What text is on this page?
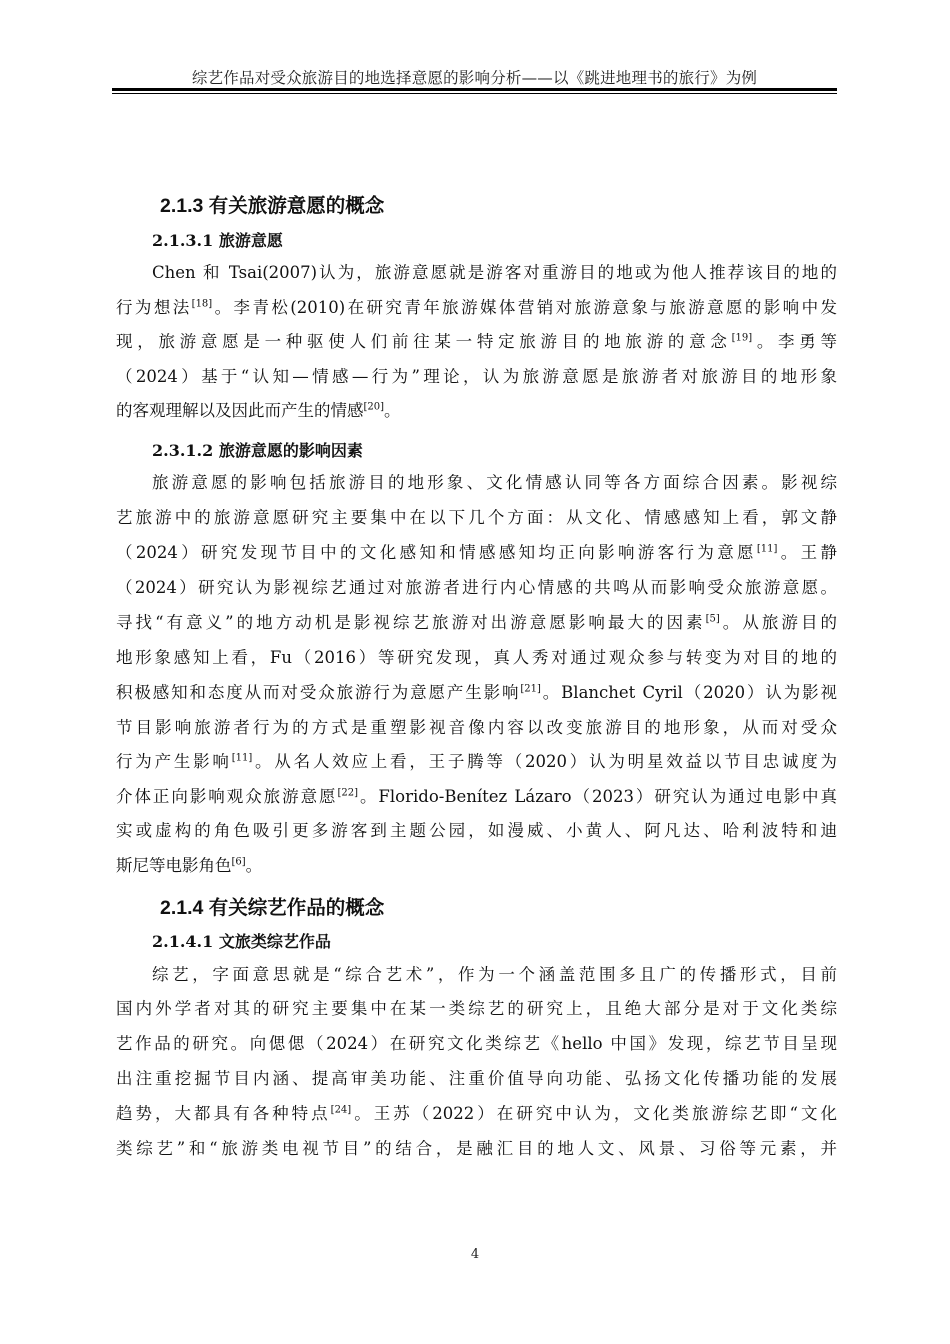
综艺作品对受众旅游目的地选择意愿的影响分析——以《跳进地理书的旅行》为例
2.1.3 有关旅游意愿的概念
2.1.3.1 旅游意愿
Chen 和 Tsai(2007)认为，旅游意愿就是游客对重游目的地或为他人推荐该目的地的
行为想法[18]。李青松(2010)在研究青年旅游媒体营销对旅游意象与旅游意愿的影响中发
现，旅游意愿是一种驱使人们前往某一特定旅游目的地旅游的意念[19]。李勇等
（2024）基于“认知—情感—行为”理论，认为旅游意愿是旅游者对旅游目的地形象
的客观理解以及因此而产生的情感[20]。
2.3.1.2 旅游意愿的影响因素
旅游意愿的影响包括旅游目的地形象、文化情感认同等各方面综合因素。影视综
艺旅游中的旅游意愿研究主要集中在以下几个方面：从文化、情感感知上看，郭文静
（2024）研究发现节目中的文化感知和情感感知均正向影响游客行为意愿[11]。王静
（2024）研究认为影视综艺通过对旅游者进行内心情感的共鸣从而影响受众旅游意愿。
寻找“有意义”的地方动机是影视综艺旅游对出游意愿影响最大的因素[5]。从旅游目的
地形象感知上看，Fu（2016）等研究发现，真人秀对通过观众参与转变为对目的地的
积极感知和态度从而对受众旅游行为意愿产生影响[21]。Blanchet Cyril（2020）认为影视
节目影响旅游者行为的方式是重塑影视音像内容以改变旅游目的地形象，从而对受众
行为产生影响[11]。从名人效应上看，王子腾等（2020）认为明星效益以节目忠诚度为
介体正向影响观众旅游意愿[22]。Florido-Benítez Lázaro（2023）研究认为通过电影中真
实或虚构的角色吸引更多游客到主题公园，如漫威、小黄人、阿凡达、哈利波特和迪
斯尼等电影角色[6]。
2.1.4 有关综艺作品的概念
2.1.4.1 文旅类综艺作品
综艺，字面意思就是“综合艺术”，作为一个涵盖范围多且广的传播形式，目前
国内外学者对其的研究主要集中在某一类综艺的研究上，且绝大部分是对于文化类综
艺作品的研究。向偲偲（2024）在研究文化类综艺《hello 中国》发现，综艺节目呈现
出注重挖掘节目内涵、提高审美功能、注重价值导向功能、弘扬文化传播功能的发展
趋势，大都具有各种特点[24]。王苏（2022）在研究中认为，文化类旅游综艺即“文化
类综艺”和“旅游类电视节目”的结合，是融汇目的地人文、风景、习俗等元素，并
4
